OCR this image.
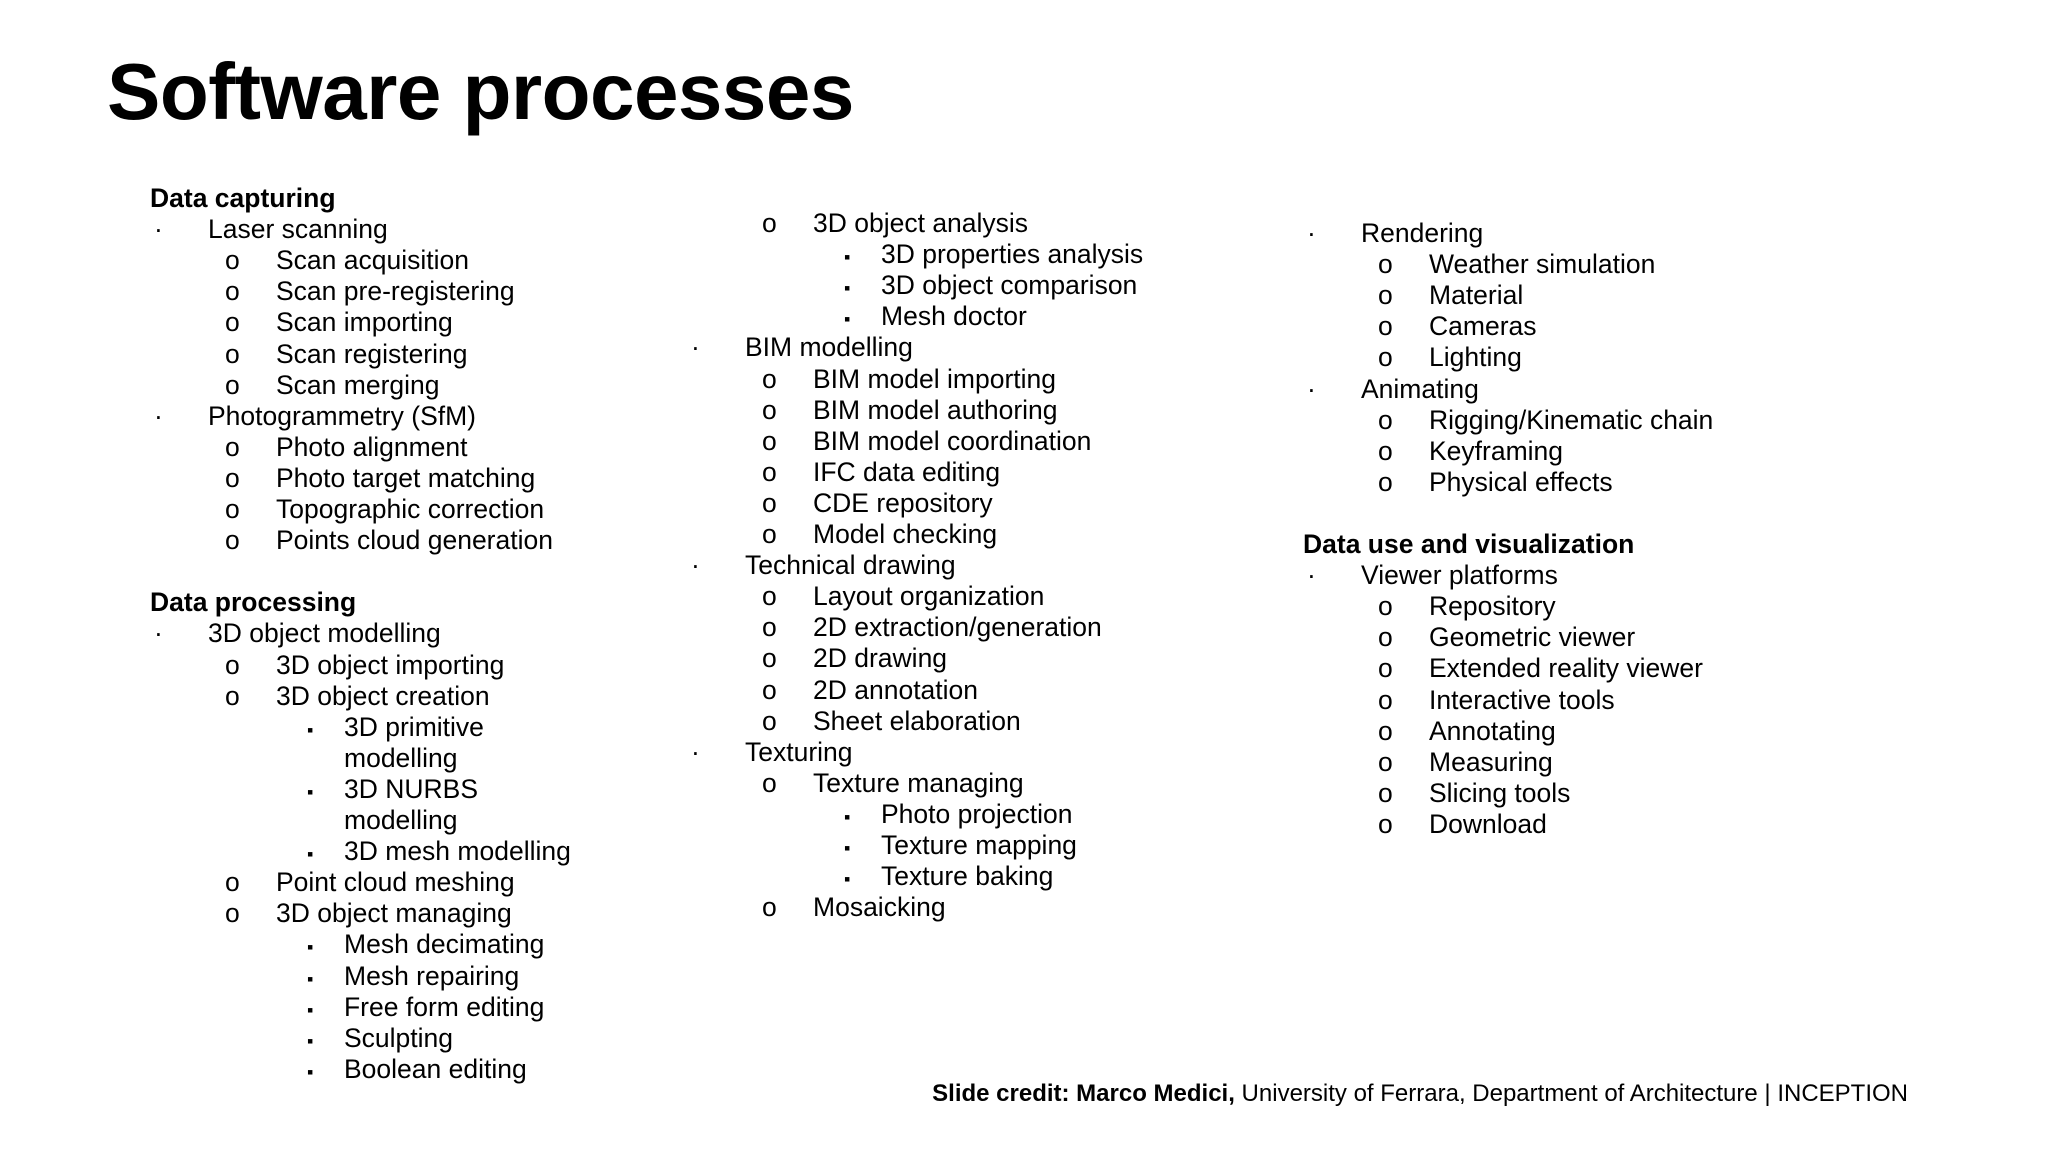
Software processes
Data capturing
· Laser scanning
o Scan acquisition
o Scan pre-registering
o Scan importing
o Scan registering
o Scan merging
· Photogrammetry (SfM)
o Photo alignment
o Photo target matching
o Topographic correction
o Points cloud generation
Data processing
· 3D object modelling
o 3D object importing
o 3D object creation
▪ 3D primitive
modelling
▪ 3D NURBS
modelling
▪ 3D mesh modelling
o Point cloud meshing
o 3D object managing
▪ Mesh decimating
▪ Mesh repairing
▪ Free form editing
▪ Sculpting
▪ Boolean editing
o 3D object analysis
▪ 3D properties analysis
▪ 3D object comparison
▪ Mesh doctor
· BIM modelling
o BIM model importing
o BIM model authoring
o BIM model coordination
o IFC data editing
o CDE repository
o Model checking
· Technical drawing
o Layout organization
o 2D extraction/generation
o 2D drawing
o 2D annotation
o Sheet elaboration
· Texturing
o Texture managing
▪ Photo projection
▪ Texture mapping
▪ Texture baking
o Mosaicking
· Rendering
o Weather simulation
o Material
o Cameras
o Lighting
· Animating
o Rigging/Kinematic chain
o Keyframing
o Physical effects
Data use and visualization
· Viewer platforms
o Repository
o Geometric viewer
o Extended reality viewer
o Interactive tools
o Annotating
o Measuring
o Slicing tools
o Download
Slide credit: Marco Medici, University of Ferrara, Department of Architecture | INCEPTION
